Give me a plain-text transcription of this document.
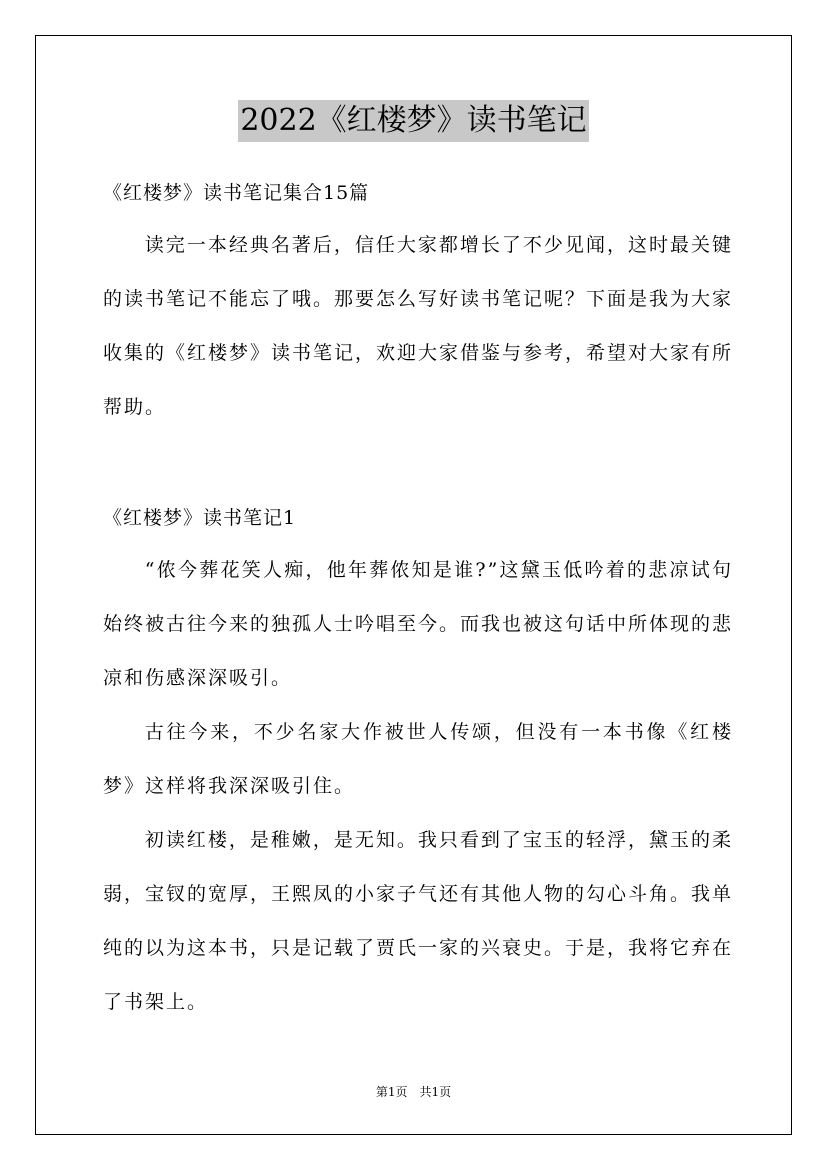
2022《红楼梦》读书笔记
《红楼梦》读书笔记集合15篇

读完一本经典名著后，信任大家都增长了不少见闻，这时最关键的读书笔记不能忘了哦。那要怎么写好读书笔记呢？下面是我为大家收集的《红楼梦》读书笔记，欢迎大家借鉴与参考，希望对大家有所帮助。

《红楼梦》读书笔记1

“侬今葬花笑人痴，他年葬侬知是谁?”这黛玉低吟着的悲凉试句始终被古往今来的独孤人士吟唱至今。而我也被这句话中所体现的悲凉和伤感深深吸引。

古往今来，不少名家大作被世人传颂，但没有一本书像《红楼梦》这样将我深深吸引住。

初读红楼，是稚嫩，是无知。我只看到了宝玉的轻浮，黛玉的柔弱，宝钗的宽厚，王熙凤的小家子气还有其他人物的勾心斗角。我单纯的以为这本书，只是记载了贾氏一家的兴衰史。于是，我将它弃在了书架上。

第1页　共1页
